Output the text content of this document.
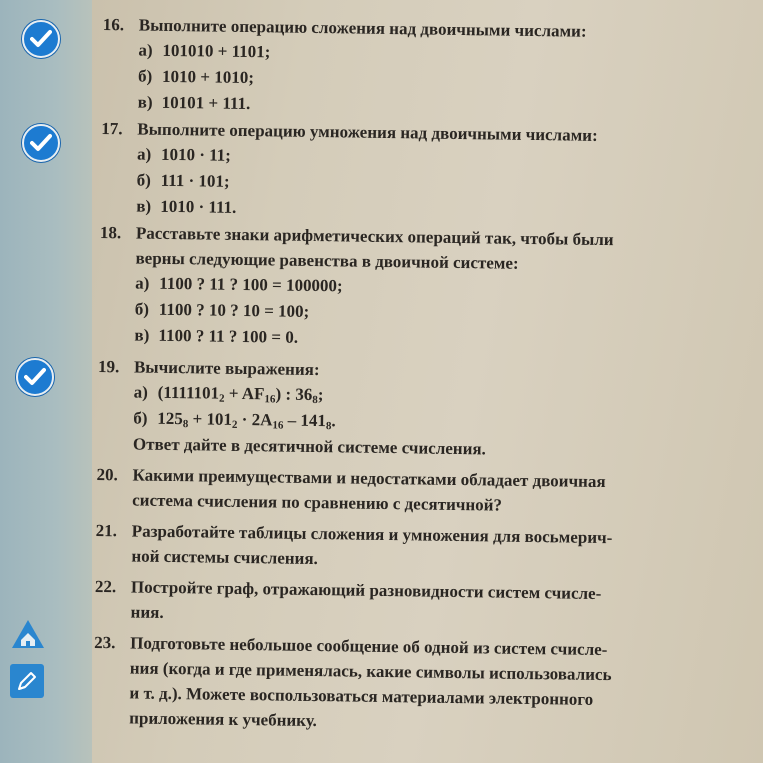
16. Выполните операцию сложения над двоичными числами:
а) 101010 + 1101;
б) 1010 + 1010;
в) 10101 + 111.
17. Выполните операцию умножения над двоичными числами:
а) 1010 · 11;
б) 111 · 101;
в) 1010 · 111.
18. Расставьте знаки арифметических операций так, чтобы были
верны следующие равенства в двоичной системе:
а) 1100 ? 11 ? 100 = 100000;
б) 1100 ? 10 ? 10 = 100;
в) 1100 ? 11 ? 100 = 0.
19. Вычислите выражения:
а) $(1111101_2 + AF_{16})$ : $36_8$;
б) $125_8 + 101_2 \cdot 2A_{16} - 141_8$.
Ответ дайте в десятичной системе счисления.
20. Какими преимуществами и недостатками обладает двоичная
система счисления по сравнению с десятичной?
21. Разработайте таблицы сложения и умножения для восьмерич-
ной системы счисления.
22. Постройте граф, отражающий разновидности систем счисле-
ния.
23. Подготовьте небольшое сообщение об одной из систем счисле-
ния (когда и где применялась, какие символы использовались
и т. д.). Можете воспользоваться материалами электронного
приложения к учебнику.
